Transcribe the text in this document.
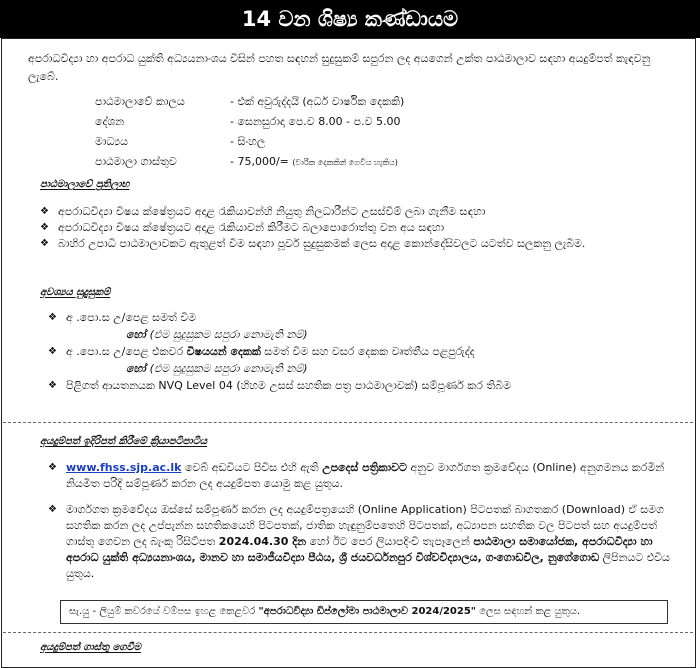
14 වන ශිෂ්‍ය කණ්ඩායම
අපරාධවිද්‍යා හා අපරාධ යුක්ති අධ්‍යයනාංශය විසින් පහත සඳහන් සුදුසුකම් සපුරන ලද අයගෙන් උක්ත පාඨමාලාව සඳහා අයදුම්පත් කැඳවනු ලැබේ.
පාඨමාලාවේ කාලය	- එක් අවුරුද්දයි (අර්ධ වාර්ෂික දෙකකි)
දේශන	- සෙනසුරාදා පෙ.ව 8.00 - ප.ව 5.00
මාධ්‍යය	- සිංහල
පාඨමාලා ගාස්තුව	- 75,000/= (වාරික දෙකකින් ගෙවිය හැකිය)
පාඨමාලාවේ ප්‍රතිලාභ
❖ අපරාධවිද්‍යා විෂය ක්ෂේත්‍රයට අදාළ රැකියාවන්හි නියුතු නිලධාරීන්ට උසස්වීම් ලබා ගැනීම සඳහා
❖ අපරාධවිද්‍යා විෂය ක්ෂේත්‍රයට අදාළ රැකියාවන් කිරීමට බලාපොරොත්තු වන අය සඳහා
❖ බාහිර උපාධි පාඨමාලාවකට ඇතුළත් වීම සඳහා පූර්ව සුදුසුකමක් ලෙස අදාළ කොන්දේසිවලට යටත්ව සලකනු ලැබීම.
අවශ්‍යය සුදුසුකම්
❖ අ .පො.ස උ/පෙළ සමත් වීම
හෝ (එම සුදුසුකම සපුරා නොමැති නම්)
❖ අ .පො.ස උ/පෙළ එකවර විෂයයන් දෙකක් සමත් වීම සහ වසර දෙකක වෘත්තීය පළපුරුද්ද
හෝ (එම සුදුසුකම සපුරා නොමැති නම්)
❖ පිළිගත් ආයතනයක NVQ Level 04 (හිහම උසස් සහතික පත්‍ර පාඨමාලාවක්) සම්පූර්ණ කර තිබීම
අයදුම්පත් ඉදිරිපත් කිරීමේ ක්‍රියාපටිපාටිය
❖ www.fhss.sjp.ac.lk වෙබ් අඩවියට පිවිස එහි ඇති උපදෙස් පත්‍රිකාවට අනුව මාර්ගගත ක්‍රමවේදය (Online) අනුගමනය කරමින් නියමිත පරිදි සම්පූර්ණ කරන ලද අයදුම්පත යොමු කළ යුතුය.
❖ මාර්ගගත ක්‍රමවේදය ඔස්සේ සම්පූර්ණ කරන ලද අයදුම්පත්‍රයෙහි (Online Application) පිටපතක් බාගතකර (Download) ඒ සමග සහතික කරන ලද උප්පැන්න සහතිකයෙහි පිටපතක්, ජාතික හැඳුනුම්පතෙහි පිටපතක්, අධ්‍යාපන සහතික වල පිටපත් සහ අයදුම්පත් ගාස්තු ගෙවන ලද බැංකු රිසිට්පත 2024.04.30 දින හෝ ඊට පෙර ලියාපදිංචි තැපෑලෙන් පාඨමාලා සමායෝජක, අපරාධවිද්‍යා හා අපරාධ යුක්ති අධ්‍යයනාංශය, මානව හා සමාජීයවිද්‍යා පීඨය, ශ්‍රී ජයවර්ධනපුර විශ්වවිද්‍යාලය, ගංගොඩවිල, නුගේගොඩ ලිපිනයට එවිය යුතුය.
සැ.යු - ලියුම් කවරයේ වම්පස ඉහළ කෙළවර "අපරාධවිද්‍යා ඩිප්ලෝමා පාඨමාලාව 2024/2025" ලෙස සඳහන් කළ යුතුය.
අයදුම්පත් ගාස්තු ගෙවීම
